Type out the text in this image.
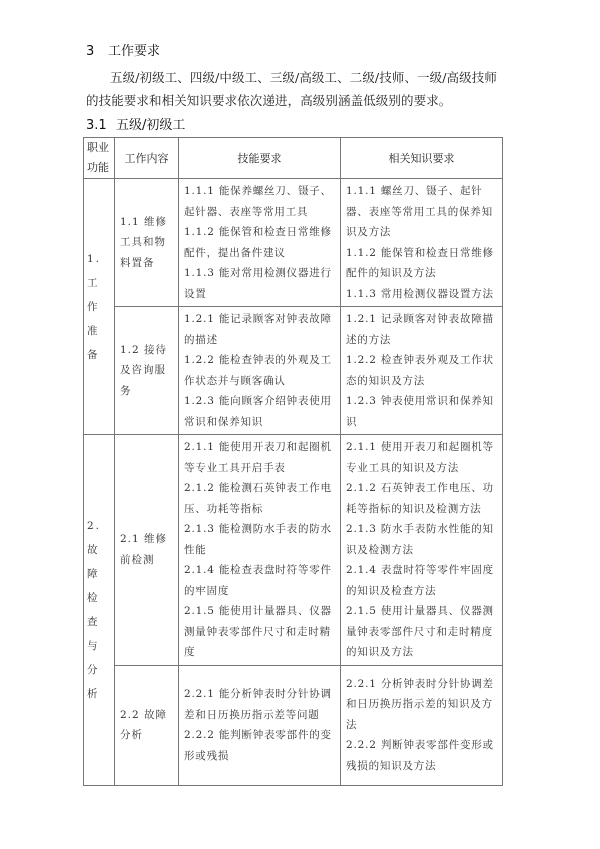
3 工作要求
五级/初级工、四级/中级工、三级/高级工、二级/技师、一级/高级技师的技能要求和相关知识要求依次递进，高级别涵盖低级别的要求。
3.1 五级/初级工
职业功能	工作内容	技能要求	相关知识要求
1. 工作准备	1.1 维修工具和物料置备	1.1.1 能保养螺丝刀、镊子、起针器、表座等常用工具
1.1.2 能保管和检查日常维修配件，提出备件建议
1.1.3 能对常用检测仪器进行设置	1.1.1 螺丝刀、镊子、起针器、表座等常用工具的保养知识及方法
1.1.2 能保管和检查日常维修配件的知识及方法
1.1.3 常用检测仪器设置方法

	1.2 接待及咨询服务	1.2.1 能记录顾客对钟表故障的描述
1.2.2 能检查钟表的外观及工作状态并与顾客确认
1.2.3 能向顾客介绍钟表使用常识和保养知识	1.2.1 记录顾客对钟表故障描述的方法
1.2.2 检查钟表外观及工作状态的知识及方法
1.2.3 钟表使用常识和保养知识

2. 故障检查与分析	2.1 维修前检测	2.1.1 能使用开表刀和起圈机等专业工具开启手表
2.1.2 能检测石英钟表工作电压、功耗等指标
2.1.3 能检测防水手表的防水性能
2.1.4 能检查表盘时符等零件的牢固度
2.1.5 能使用计量器具、仪器测量钟表零部件尺寸和走时精度	2.1.1 使用开表刀和起圈机等专业工具的知识及方法
2.1.2 石英钟表工作电压、功耗等指标的知识及检测方法
2.1.3 防水手表防水性能的知识及检测方法
2.1.4 表盘时符等零件牢固度的知识及检查方法
2.1.5 使用计量器具、仪器测量钟表零部件尺寸和走时精度的知识及方法

	2.2 故障分析	2.2.1 能分析钟表时分针协调差和日历换历指示差等问题
2.2.2 能判断钟表零部件的变形或残损	2.2.1 分析钟表时分针协调差和日历换历指示差的知识及方法
2.2.2 判断钟表零部件变形或残损的知识及方法
